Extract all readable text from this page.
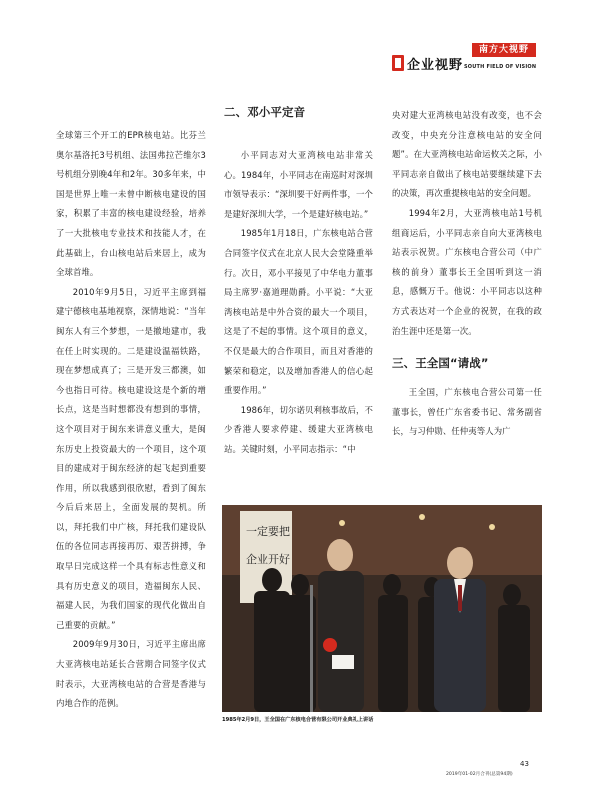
企业视野
南方大视野
SOUTH FIELD OF VISION

全球第三个开工的EPR核电站。比芬兰奥尔基洛托3号机组、法国弗拉芒维尔3号机组分别晚4年和2年。30多年来，中国是世界上唯一未曾中断核电建设的国家，积累了丰富的核电建设经验，培养了一大批核电专业技术和技能人才，在此基础上，台山核电站后来居上，成为全球首堆。

2010年9月5日，习近平主席到福建宁德核电基地视察，深情地说：“当年闽东人有三个梦想，一是撤地建市，我在任上时实现的。二是建设温福铁路，现在梦想成真了；三是开发三都澳，如今也指日可待。核电建设这是个新的增长点，这是当时想都没有想到的事情，这个项目对于闽东来讲意义重大，是闽东历史上投资最大的一个项目，这个项目的建成对于闽东经济的起飞起到重要作用，所以我感到很欣慰，看到了闽东今后后来居上，全面发展的契机。所以，拜托我们中广核，拜托我们建设队伍的各位同志再接再厉、艰苦拼搏，争取早日完成这样一个具有标志性意义和具有历史意义的项目，造福闽东人民、福建人民，为我们国家的现代化做出自己重要的贡献。”

2009年9月30日，习近平主席出席大亚湾核电站延长合营期合同签字仪式时表示，大亚湾核电站的合营是香港与内地合作的范例。

二、邓小平定音

小平同志对大亚湾核电站非常关心。1984年，小平同志在南巡时对深圳市领导表示：“深圳要干好两件事，一个是建好深圳大学，一个是建好核电站。”

1985年1月18日，广东核电站合营合同签字仪式在北京人民大会堂隆重举行。次日，邓小平接见了中华电力董事局主席罗·嘉道理勋爵。小平说：“大亚湾核电站是中外合资的最大一个项目，这是了不起的事情。这个项目的意义，不仅是最大的合作项目，而且对香港的繁荣和稳定，以及增加香港人的信心起重要作用。”

1986年，切尔诺贝利核事故后，不少香港人要求停建、缓建大亚湾核电站。关键时刻，小平同志指示：“中

央对建大亚湾核电站没有改变，也不会改变，中央充分注意核电站的安全问题”。在大亚湾核电站命运攸关之际，小平同志亲自做出了核电站要继续建下去的决策，再次重提核电站的安全问题。

1994年2月，大亚湾核电站1号机组商运后，小平同志亲自向大亚湾核电站表示祝贺。广东核电合营公司（中广核的前身）董事长王全国听到这一消息，感慨万千。他说：小平同志以这种方式表达对一个企业的祝贺，在我的政治生涯中还是第一次。

三、王全国“请战”

王全国，广东核电合营公司第一任董事长，曾任广东省委书记、常务副省长，与习仲勋、任仲夷等人为广

一定要把
企业开好
1985年2月9日，王全国在广东核电合营有限公司开业典礼上讲话
43
2019年01-02月合刊(总第94期)
